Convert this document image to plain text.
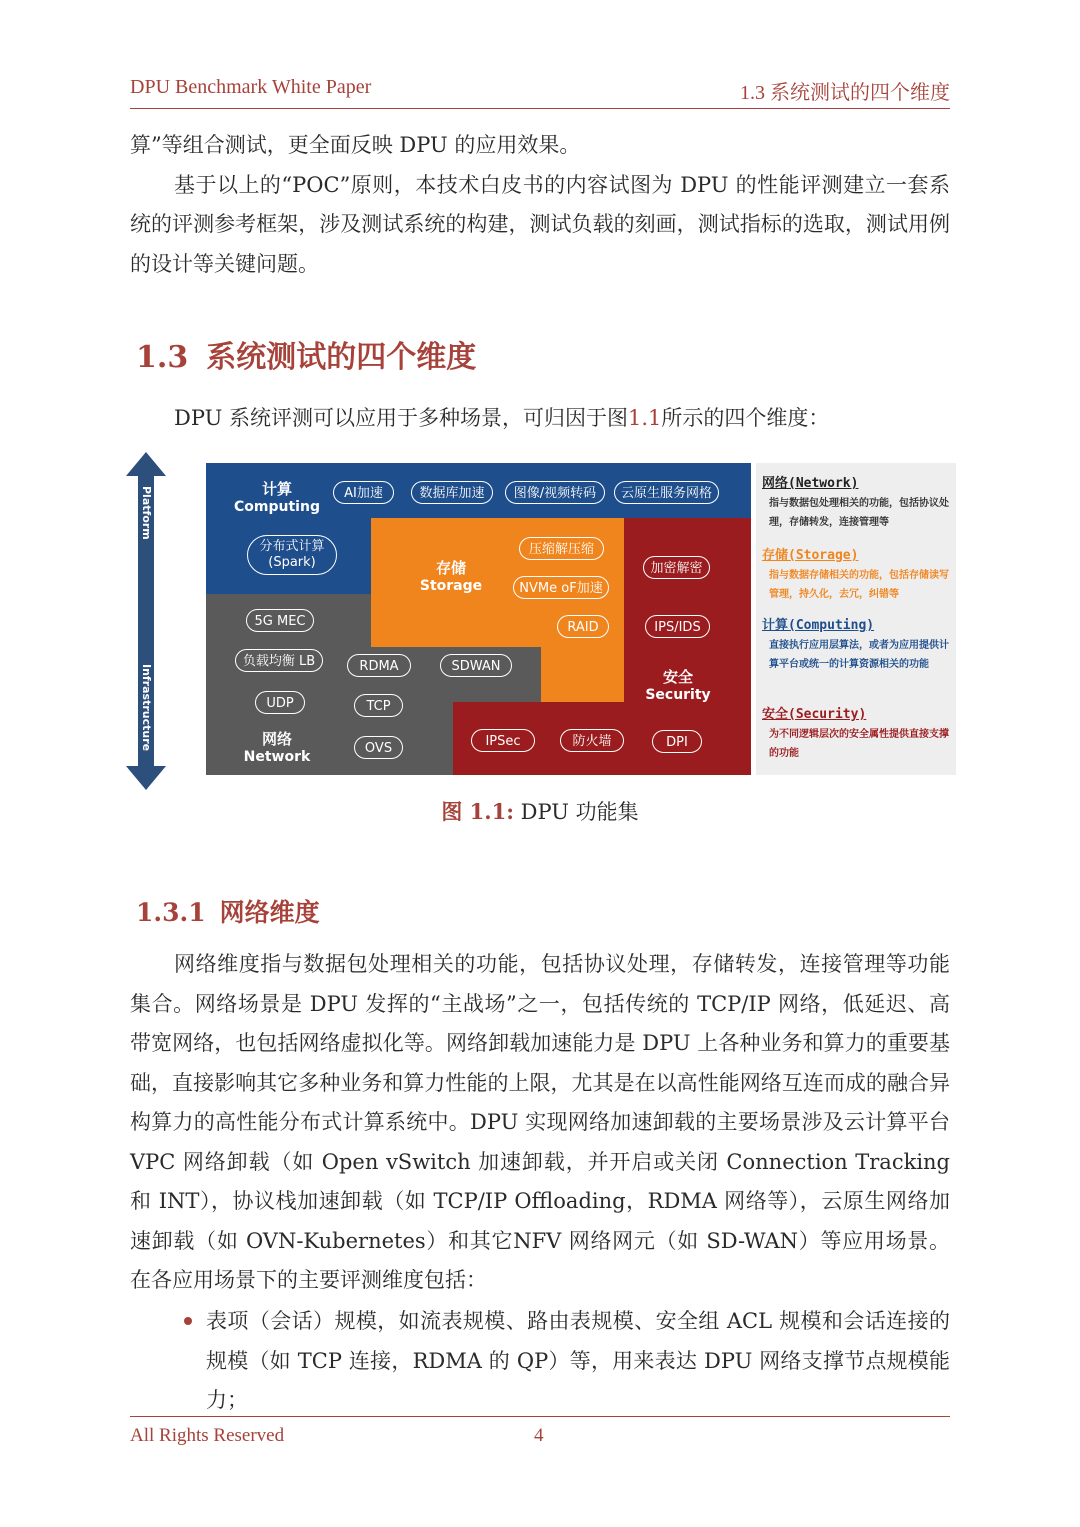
DPU Benchmark White Paper	1.3 系统测试的四个维度

算”等组合测试，更全面反映 DPU 的应用效果。

基于以上的“POC”原则，本技术白皮书的内容试图为 DPU 的性能评测建立一套系统的评测参考框架，涉及测试系统的构建，测试负载的刻画，测试指标的选取，测试用例的设计等关键问题。

1.3 系统测试的四个维度
DPU 系统评测可以应用于多种场景，可归因于图1.1所示的四个维度：
Platform
Infrastructure
计算
Computing
存储
Storage
安全
Security
网络
Network
AI加速	数据库加速	图像/视频转码	云原生服务网格
分布式计算
(Spark)
压缩解压缩
NVMe oF加速
RAID
加密解密
IPS/IDS
5G MEC
负载均衡 LB	RDMA	SDWAN
UDP	TCP
OVS	IPSec	防火墙	DPI
网络(Network)
指与数据包处理相关的功能，包括协议处理，存储转发，连接管理等
存储(Storage)
指与数据存储相关的功能，包括存储读写管理，持久化，去冗，纠错等
计算(Computing)
直接执行应用层算法，或者为应用提供计算平台或统一的计算资源相关的功能
安全(Security)
为不同逻辑层次的安全属性提供直接支撑的功能
图 1.1: DPU 功能集
1.3.1 网络维度

网络维度指与数据包处理相关的功能，包括协议处理，存储转发，连接管理等功能集合。网络场景是 DPU 发挥的“主战场”之一，包括传统的 TCP/IP 网络，低延迟、高带宽网络，也包括网络虚拟化等。网络卸载加速能力是 DPU 上各种业务和算力的重要基础，直接影响其它多种业务和算力性能的上限，尤其是在以高性能网络互连而成的融合异构算力的高性能分布式计算系统中。DPU 实现网络加速卸载的主要场景涉及云计算平台VPC 网络卸载（如 Open vSwitch 加速卸载，并开启或关闭 Connection Tracking 和 INT），协议栈加速卸载（如 TCP/IP Offloading，RDMA 网络等），云原生网络加速卸载（如 OVN-Kubernetes）和其它NFV 网络网元（如 SD-WAN）等应用场景。在各应用场景下的主要评测维度包括：

表项（会话）规模，如流表规模、路由表规模、安全组 ACL 规模和会话连接的规模（如 TCP 连接，RDMA 的 QP）等，用来表达 DPU 网络支撑节点规模能力；
All Rights Reserved	4
